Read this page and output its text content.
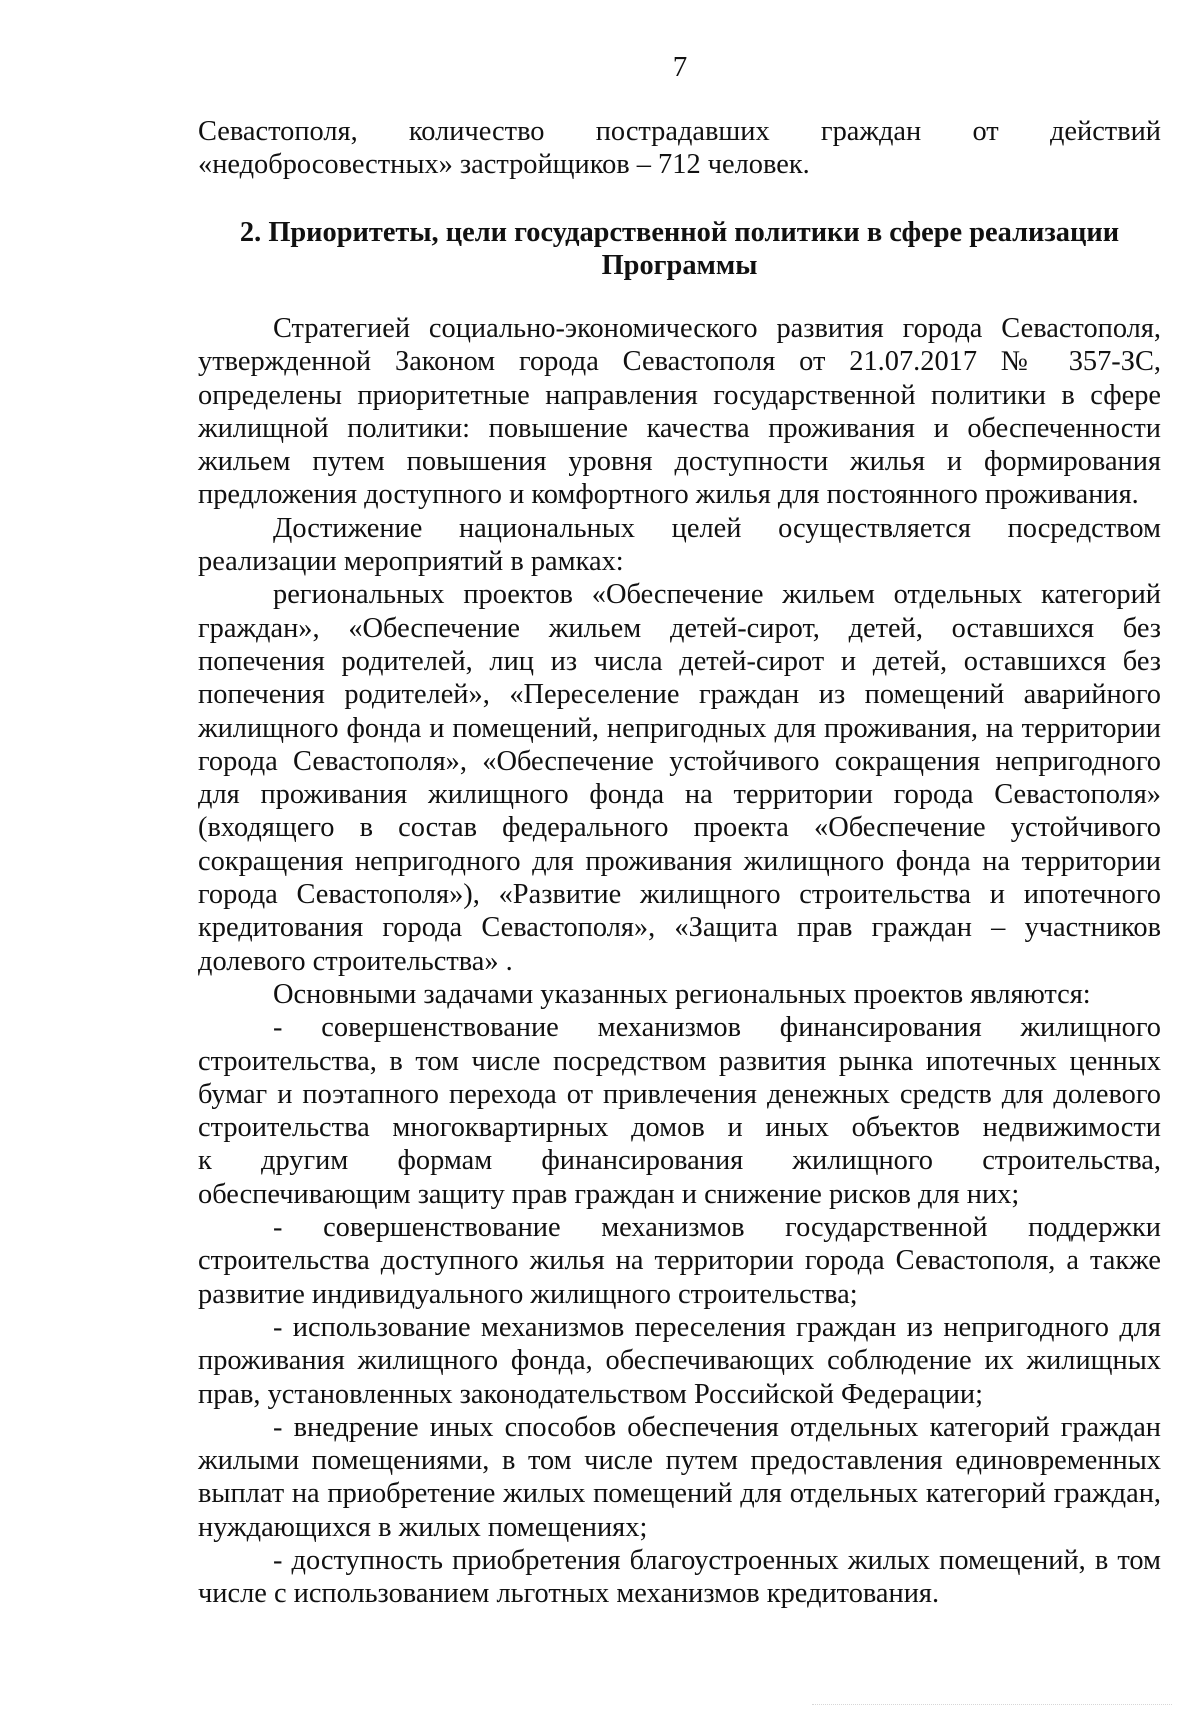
7
Севастополя, количество пострадавших граждан от действий
«недобросовестных» застройщиков – 712 человек.
2. Приоритеты, цели государственной политики в сфере реализации
Программы
Стратегией социально-экономического развития города Севастополя,
утвержденной Законом города Севастополя от 21.07.2017 № 357-ЗС,
определены приоритетные направления государственной политики в сфере
жилищной политики: повышение качества проживания и обеспеченности
жильем путем повышения уровня доступности жилья и формирования
предложения доступного и комфортного жилья для постоянного проживания.
Достижение национальных целей осуществляется посредством
реализации мероприятий в рамках:
региональных проектов «Обеспечение жильем отдельных категорий
граждан», «Обеспечение жильем детей-сирот, детей, оставшихся без
попечения родителей, лиц из числа детей-сирот и детей, оставшихся без
попечения родителей», «Переселение граждан из помещений аварийного
жилищного фонда и помещений, непригодных для проживания, на территории
города Севастополя», «Обеспечение устойчивого сокращения непригодного
для проживания жилищного фонда на территории города Севастополя»
(входящего в состав федерального проекта «Обеспечение устойчивого
сокращения непригодного для проживания жилищного фонда на территории
города Севастополя»), «Развитие жилищного строительства и ипотечного
кредитования города Севастополя», «Защита прав граждан – участников
долевого строительства» .
Основными задачами указанных региональных проектов являются:
- совершенствование механизмов финансирования жилищного
строительства, в том числе посредством развития рынка ипотечных ценных
бумаг и поэтапного перехода от привлечения денежных средств для долевого
строительства многоквартирных домов и иных объектов недвижимости
к другим формам финансирования жилищного строительства,
обеспечивающим защиту прав граждан и снижение рисков для них;
- совершенствование механизмов государственной поддержки
строительства доступного жилья на территории города Севастополя, а также
развитие индивидуального жилищного строительства;
- использование механизмов переселения граждан из непригодного для
проживания жилищного фонда, обеспечивающих соблюдение их жилищных
прав, установленных законодательством Российской Федерации;
- внедрение иных способов обеспечения отдельных категорий граждан
жилыми помещениями, в том числе путем предоставления единовременных
выплат на приобретение жилых помещений для отдельных категорий граждан,
нуждающихся в жилых помещениях;
- доступность приобретения благоустроенных жилых помещений, в том
числе с использованием льготных механизмов кредитования.
